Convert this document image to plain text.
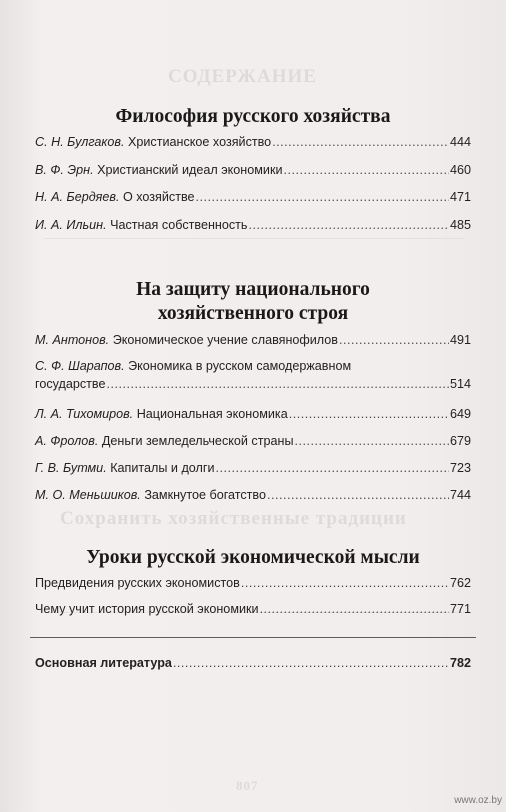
СОДЕРЖАНИЕ
Сохранить хозяйственные традиции
807
Философия русского хозяйства
С. Н. Булгаков. Христианское хозяйство .....	444
В. Ф. Эрн. Христианский идеал экономики .....	460
Н. А. Бердяев. О хозяйстве .....	471
И. А. Ильин. Частная собственность .....	485
На защиту национального
хозяйственного строя
М. Антонов. Экономическое учение славянофилов .....	491
С. Ф. Шарапов. Экономика в русском самодержавном
государстве .....	514
Л. А. Тихомиров. Национальная экономика .....	649
А. Фролов. Деньги земледельческой страны .....	679
Г. В. Бутми. Капиталы и долги .....	723
М. О. Меньшиков. Замкнутое богатство .....	744
Уроки русской экономической мысли
Предвидения русских экономистов .....	762
Чему учит история русской экономики .....	771
Основная литература .....	782
www.oz.by
